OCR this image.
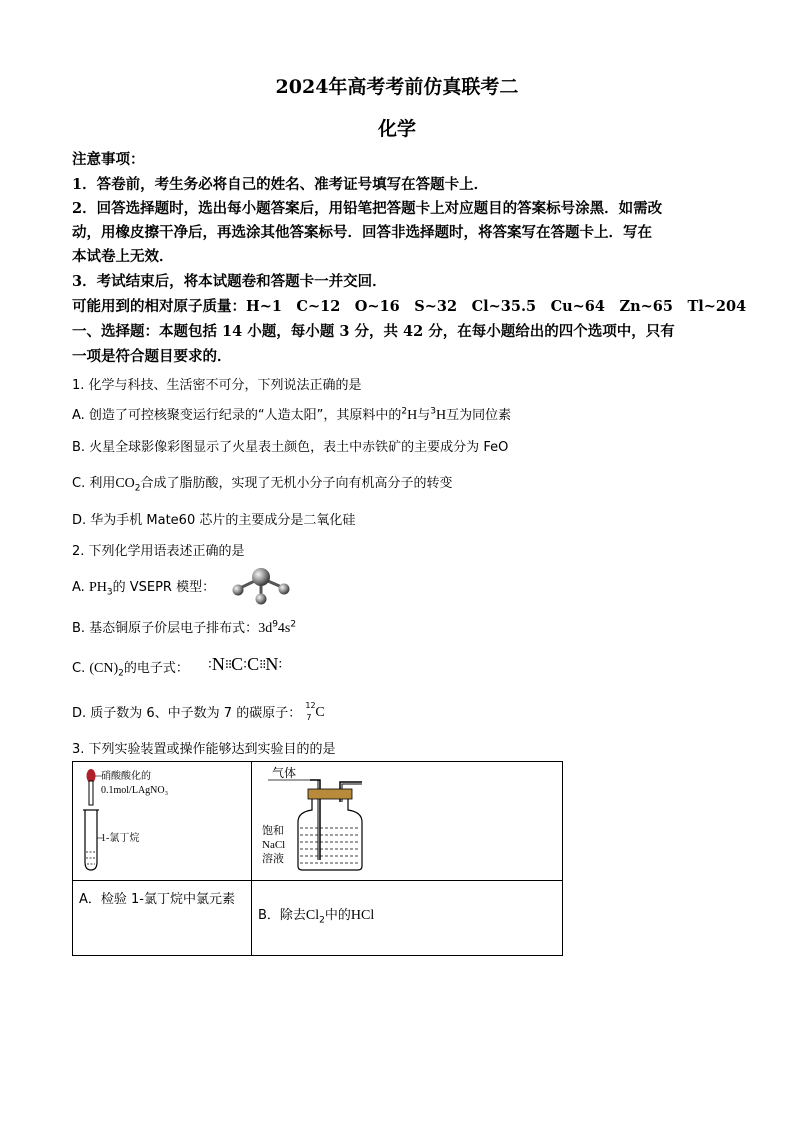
2024年高考考前仿真联考二
化学
注意事项：
1．答卷前，考生务必将自己的姓名、准考证号填写在答题卡上．
2．回答选择题时，选出每小题答案后，用铅笔把答题卡上对应题目的答案标号涂黑．如需改
动，用橡皮擦干净后，再选涂其他答案标号．回答非选择题时，将答案写在答题卡上．写在
本试卷上无效．
3．考试结束后，将本试题卷和答题卡一并交回．
可能用到的相对原子质量：H~1　C~12　O~16　S~32　Cl~35.5　Cu~64　Zn~65　Tl~204
一、选择题：本题包括 14 小题，每小题 3 分，共 42 分，在每小题给出的四个选项中，只有
一项是符合题目要求的．
1. 化学与科技、生活密不可分，下列说法正确的是
A. 创造了可控核聚变运行纪录的“人造太阳”，其原料中的$^2$H与$^3$H互为同位素
B. 火星全球影像彩图显示了火星表土颜色，表土中赤铁矿的主要成分为 FeO
C. 利用$CO_2$合成了脂肪酸，实现了无机小分子向有机高分子的转变
D. 华为手机 Mate60 芯片的主要成分是二氧化硅
2. 下列化学用语表述正确的是
A. $PH_3$的 VSEPR 模型：
B. 基态铜原子价层电子排布式：$3d^94s^2$
C. $(CN)_2$的电子式： :N⁝⁝C:C⁝⁝N:
D. 质子数为 6、中子数为 7 的碳原子：
12
7 C
3. 下列实验装置或操作能够达到实验目的的是
硝酸酸化的
0.1mol/LAgNO₃
1-氯丁烷	气体
饱和
NaCl
溶液

A．检验 1-氯丁烷中氯元素	B．除去$Cl_2$中的HCl
